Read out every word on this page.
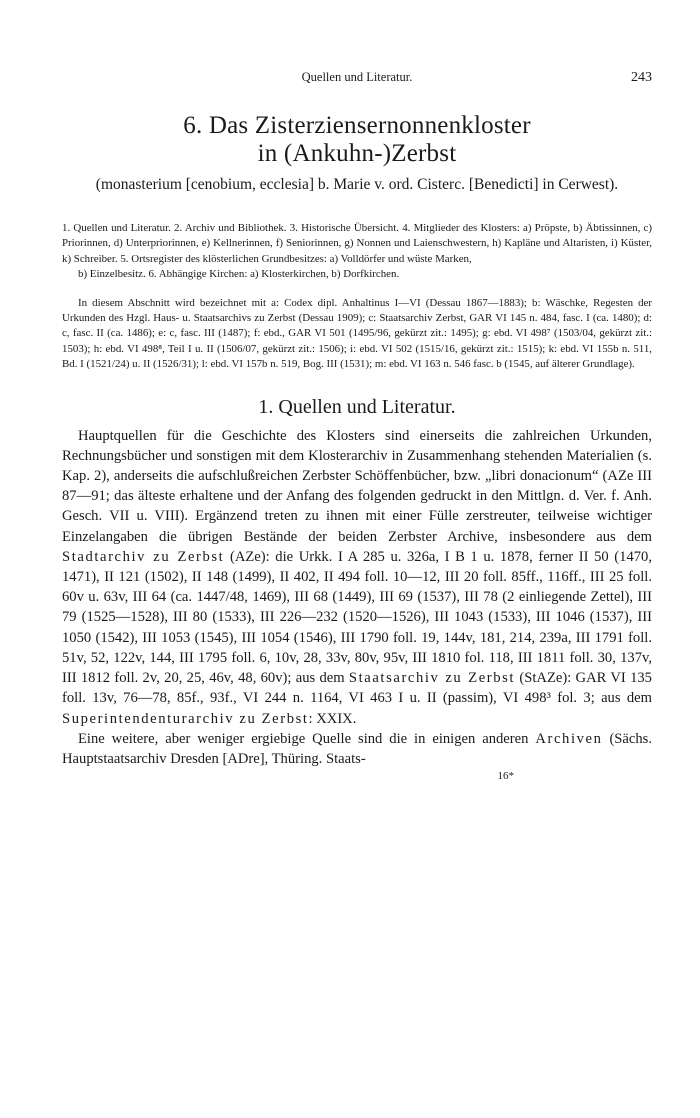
Quellen und Literatur.	243
6. Das Zisterziensernonnenkloster
in (Ankuhn-)Zerbst
(monasterium [cenobium, ecclesia] b. Marie v. ord. Cisterc. [Benedicti] in Cerwest).
1. Quellen und Literatur. 2. Archiv und Bibliothek. 3. Historische Übersicht. 4. Mitglieder des Klosters: a) Pröpste, b) Äbtissinnen, c) Priorinnen, d) Unterpriorinnen, e) Kellnerinnen, f) Seniorinnen, g) Nonnen und Laienschwestern, h) Kapläne und Altaristen, i) Küster, k) Schreiber. 5. Ortsregister des klösterlichen Grundbesitzes: a) Volldörfer und wüste Marken,
b) Einzelbesitz. 6. Abhängige Kirchen: a) Klosterkirchen, b) Dorfkirchen.
In diesem Abschnitt wird bezeichnet mit a: Codex dipl. Anhaltinus I—VI (Dessau 1867—1883); b: Wäschke, Regesten der Urkunden des Hzgl. Haus- u. Staatsarchivs zu Zerbst (Dessau 1909); c: Staatsarchiv Zerbst, GAR VI 145 n. 484, fasc. I (ca. 1480); d: c, fasc. II (ca. 1486); e: c, fasc. III (1487); f: ebd., GAR VI 501 (1495/96, gekürzt zit.: 1495); g: ebd. VI 498⁷ (1503/04, gekürzt zit.: 1503); h: ebd. VI 498⁸, Teil I u. II (1506/07, gekürzt zit.: 1506); i: ebd. VI 502 (1515/16, gekürzt zit.: 1515); k: ebd. VI 155b n. 511, Bd. I (1521/24) u. II (1526/31); l: ebd. VI 157b n. 519, Bog. III (1531); m: ebd. VI 163 n. 546 fasc. b (1545, auf älterer Grundlage).
1. Quellen und Literatur.

Hauptquellen für die Geschichte des Klosters sind einerseits die zahlreichen Urkunden, Rechnungsbücher und sonstigen mit dem Klosterarchiv in Zusammenhang stehenden Materialien (s. Kap. 2), anderseits die aufschlußreichen Zerbster Schöffenbücher, bzw. „libri donacionum“ (AZe III 87—91; das älteste erhaltene und der Anfang des folgenden gedruckt in den Mittlgn. d. Ver. f. Anh. Gesch. VII u. VIII). Ergänzend treten zu ihnen mit einer Fülle zerstreuter, teilweise wichtiger Einzelangaben die übrigen Bestände der beiden Zerbster Archive, insbesondere aus dem Stadtarchiv zu Zerbst (AZe): die Urkk. I A 285 u. 326a, I B 1 u. 1878, ferner II 50 (1470, 1471), II 121 (1502), II 148 (1499), II 402, II 494 foll. 10—12, III 20 foll. 85ff., 116ff., III 25 foll. 60v u. 63v, III 64 (ca. 1447/48, 1469), III 68 (1449), III 69 (1537), III 78 (2 einliegende Zettel), III 79 (1525—1528), III 80 (1533), III 226—232 (1520—1526), III 1043 (1533), III 1046 (1537), III 1050 (1542), III 1053 (1545), III 1054 (1546), III 1790 foll. 19, 144v, 181, 214, 239a, III 1791 foll. 51v, 52, 122v, 144, III 1795 foll. 6, 10v, 28, 33v, 80v, 95v, III 1810 fol. 118, III 1811 foll. 30, 137v, III 1812 foll. 2v, 20, 25, 46v, 48, 60v); aus dem Staatsarchiv zu Zerbst (StAZe): GAR VI 135 foll. 13v, 76—78, 85f., 93f., VI 244 n. 1164, VI 463 I u. II (passim), VI 498³ fol. 3; aus dem Superintendenturarchiv zu Zerbst: XXIX.

Eine weitere, aber weniger ergiebige Quelle sind die in einigen anderen Archiven (Sächs. Hauptstaatsarchiv Dresden [ADre], Thüring. Staats-

16*
